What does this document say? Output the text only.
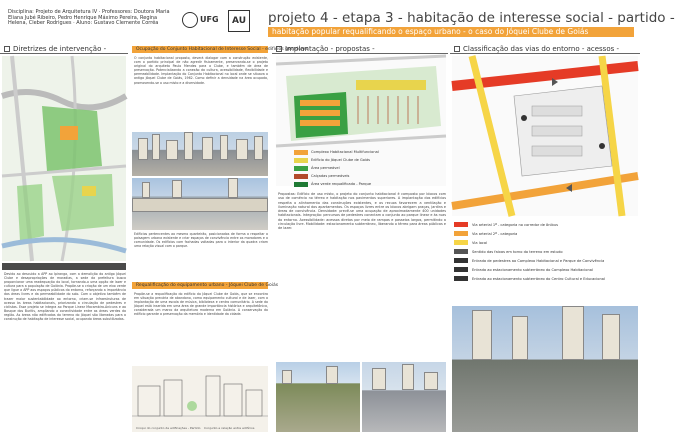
Disciplina: Projeto de Arquitetura IV · Professores: Doutora Maria Eliana Jubé Ribeiro, Pedro Henrique Máximo Pereira, Regina Helena, Cleber Rodrigues · Aluno: Gustavo Clemente Corrêa	UFG	AU projeto 4 - etapa 3 - habitação de interesse social - partido -
habitação popular requalificando o espaço urbano - o caso do Jóquei Clube de Goiás
Diretrizes de intervenção -
Devido ao descuido a APP ao Ipiranga, com a demolição do antigo Jóquei Clube e desapropriações de moradias, a sede da prefeitura busca proporcionar uma readequação do local, tornando-o uma opção de lazer e cultura para a população de Goiânia. Propõe-se a criação de um eixo verde que ligue a APP aos espaços públicos do entorno, reforçando a importância das áreas livres e da permeabilidade do solo. Com o objetivo também de trazer maior sustentabilidade ao entorno, criam-se infraestruturas de acesso às áreas habitacionais, priorizando a circulação de pedestres e ciclistas. Esse projeto se integra ao Parque Linear Macambira-Anicuns e ao Bosque dos Buritis, ampliando a conectividade entre as áreas verdes da região. As áreas não edificadas do terreno do Jóquei são liberadas para a construção de habitação de interesse social, ocupando áreas subutilizadas.
Ocupação do Conjunto Habitacional de Interesse Social - edifícios geradores
O conjunto habitacional proposto, deverá dialogar com a construção existente, com o partido principal de não agredir fisicamente, preservando-se o projeto original do arquiteto Paulo Mendes para o Clube, e também de área de preservação. Potencializando a conexão da cultura, acessibilidade, flexibilidade e permeabilidade. Implantação do Conjunto Habitacional no local onde se situava o antigo Jóquei Clube de Goiás, 1962. Como definir a densidade na área ocupada, promovendo-se o uso misto e a diversidade.
Edifícios pertencentes ao mesmo quarteirão, posicionados de forma a respeitar a paisagem urbana existente e criar espaços de convivência entre os moradores e a comunidade. Os edifícios com fachadas voltadas para o interior da quadra criam uma relação visual com o parque.
Requalificação do equipamento urbano - Jóquei Clube de Goiás
Propõe-se a requalificação do edifício do Jóquei Clube de Goiás, que se encontra em situação precária de abandono, como equipamento cultural e de lazer, com a implantação de uma escola de música, biblioteca e centro comunitário. A sede do Jóquei está inserida em uma área de grande importância histórica e arquitetônica, considerada um marco da arquitetura moderna em Goiânia. A conservação do edifício garante a preservação da memória e identidade da cidade.
Croqui do conjunto de edificações - Partido Conjunto e relação entre edifícios
Implantação - propostas -
Complexo Habitacional Multifuncional
Edifício do Jóquei Clube de Goiás
Área permeável
Calçadas permeáveis
Área verde requalificada - Parque
Propostas: Edifício de uso misto, o projeto do conjunto habitacional é composto por blocos com uso de comércio no térreo e habitação nos pavimentos superiores. A implantação dos edifícios respeita o alinhamento das construções existentes, e os recuos favorecem a ventilação e iluminação natural dos apartamentos. Os espaços livres entre os blocos abrigam praças, jardins e áreas de convivência. Densidade: prevê-se uma ocupação de aproximadamente 400 unidades habitacionais. Integração: percursos de pedestres conectam o conjunto ao parque linear e às ruas do entorno. Acessibilidade: acessos diretos por meio de rampas e passeios largos, permitindo a circulação livre. Mobilidade: estacionamento subterrâneo, liberando o térreo para áreas públicas e de lazer.
Classificação das vias do entorno - acessos -
Via arterial 1ª - categoria no corredor de ônibus
Via arterial 2ª - categoria
Via local
Sentido das faixas em torno do terreno em estudo
Entrada de pedestres ao Complexo Habitacional e Parque de Convivência
Entrada ao estacionamento subterrâneo do Complexo Habitacional
Entrada ao estacionamento subterrâneo do Centro Cultural e Educacional
